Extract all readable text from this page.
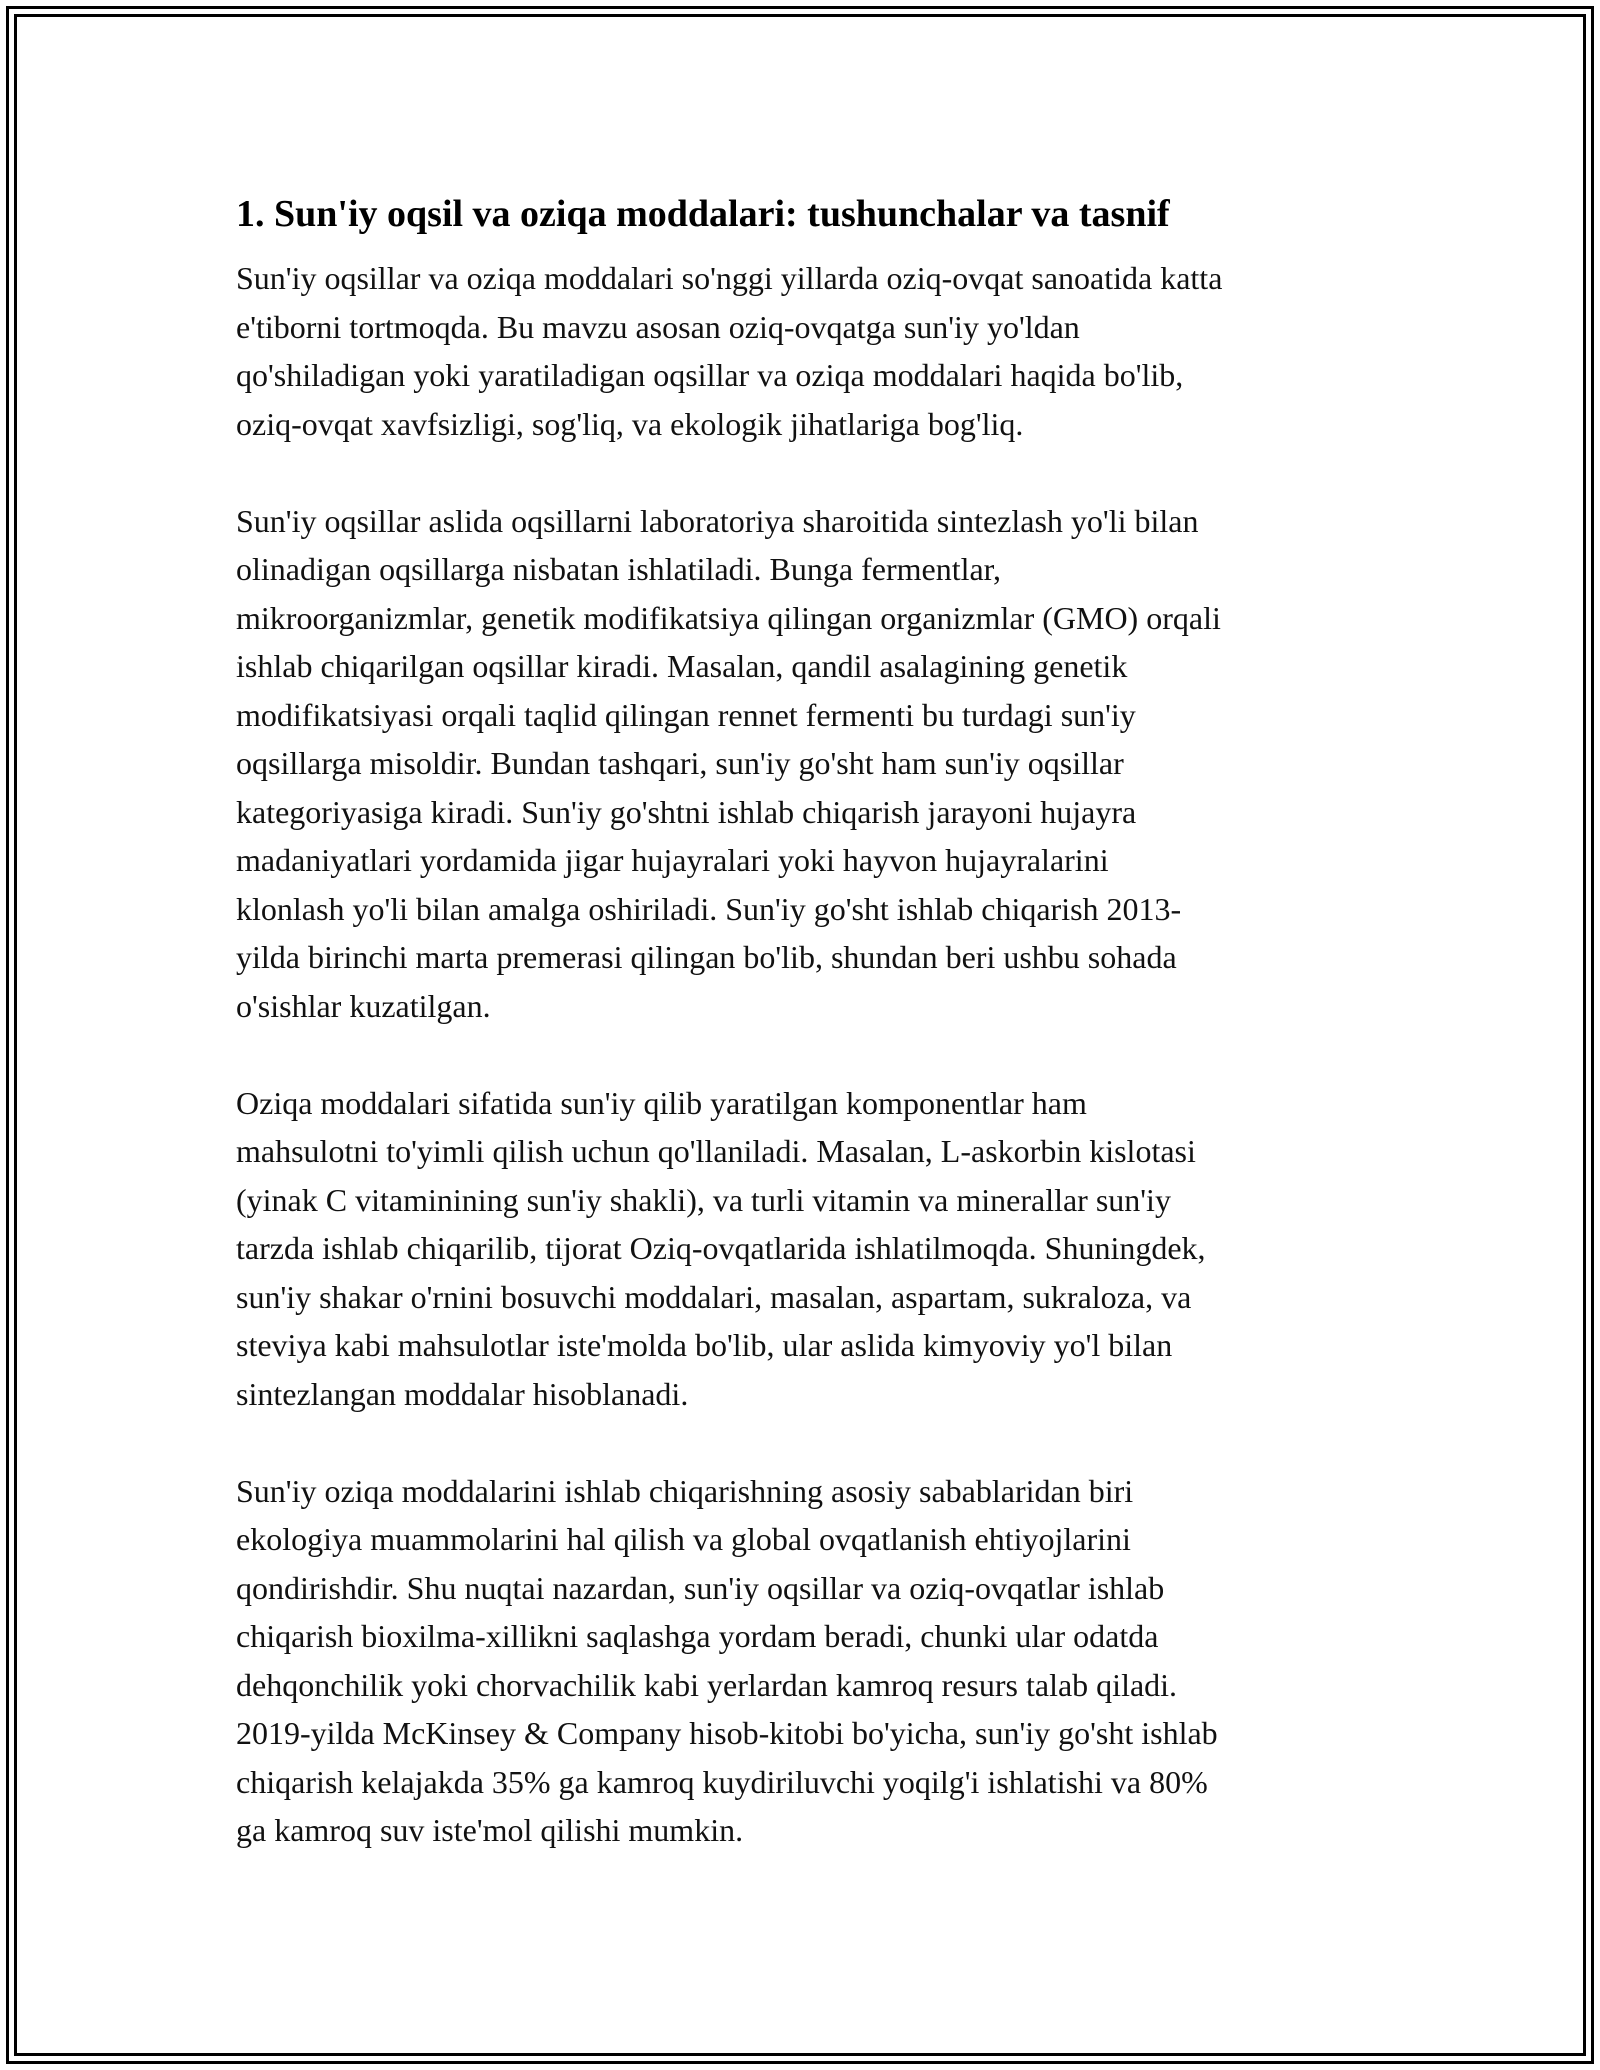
1. Sun'iy oqsil va oziqa moddalari: tushunchalar va tasnif
Sun'iy oqsillar va oziqa moddalari so'nggi yillarda oziq-ovqat sanoatida katta
e'tiborni tortmoqda. Bu mavzu asosan oziq-ovqatga sun'iy yo'ldan
qo'shiladigan yoki yaratiladigan oqsillar va oziqa moddalari haqida bo'lib,
oziq-ovqat xavfsizligi, sog'liq, va ekologik jihatlariga bog'liq.
Sun'iy oqsillar aslida oqsillarni laboratoriya sharoitida sintezlash yo'li bilan
olinadigan oqsillarga nisbatan ishlatiladi. Bunga fermentlar,
mikroorganizmlar, genetik modifikatsiya qilingan organizmlar (GMO) orqali
ishlab chiqarilgan oqsillar kiradi. Masalan, qandil asalagining genetik
modifikatsiyasi orqali taqlid qilingan rennet fermenti bu turdagi sun'iy
oqsillarga misoldir. Bundan tashqari, sun'iy go'sht ham sun'iy oqsillar
kategoriyasiga kiradi. Sun'iy go'shtni ishlab chiqarish jarayoni hujayra
madaniyatlari yordamida jigar hujayralari yoki hayvon hujayralarini
klonlash yo'li bilan amalga oshiriladi. Sun'iy go'sht ishlab chiqarish 2013-
yilda birinchi marta premerasi qilingan bo'lib, shundan beri ushbu sohada
o'sishlar kuzatilgan.
Oziqa moddalari sifatida sun'iy qilib yaratilgan komponentlar ham
mahsulotni to'yimli qilish uchun qo'llaniladi. Masalan, L-askorbin kislotasi
(yinak C vitaminining sun'iy shakli), va turli vitamin va minerallar sun'iy
tarzda ishlab chiqarilib, tijorat Oziq-ovqatlarida ishlatilmoqda. Shuningdek,
sun'iy shakar o'rnini bosuvchi moddalari, masalan, aspartam, sukraloza, va
steviya kabi mahsulotlar iste'molda bo'lib, ular aslida kimyoviy yo'l bilan
sintezlangan moddalar hisoblanadi.
Sun'iy oziqa moddalarini ishlab chiqarishning asosiy sabablaridan biri
ekologiya muammolarini hal qilish va global ovqatlanish ehtiyojlarini
qondirishdir. Shu nuqtai nazardan, sun'iy oqsillar va oziq-ovqatlar ishlab
chiqarish bioxilma-xillikni saqlashga yordam beradi, chunki ular odatda
dehqonchilik yoki chorvachilik kabi yerlardan kamroq resurs talab qiladi.
2019-yilda McKinsey & Company hisob-kitobi bo'yicha, sun'iy go'sht ishlab
chiqarish kelajakda 35% ga kamroq kuydiriluvchi yoqilg'i ishlatishi va 80%
ga kamroq suv iste'mol qilishi mumkin.
